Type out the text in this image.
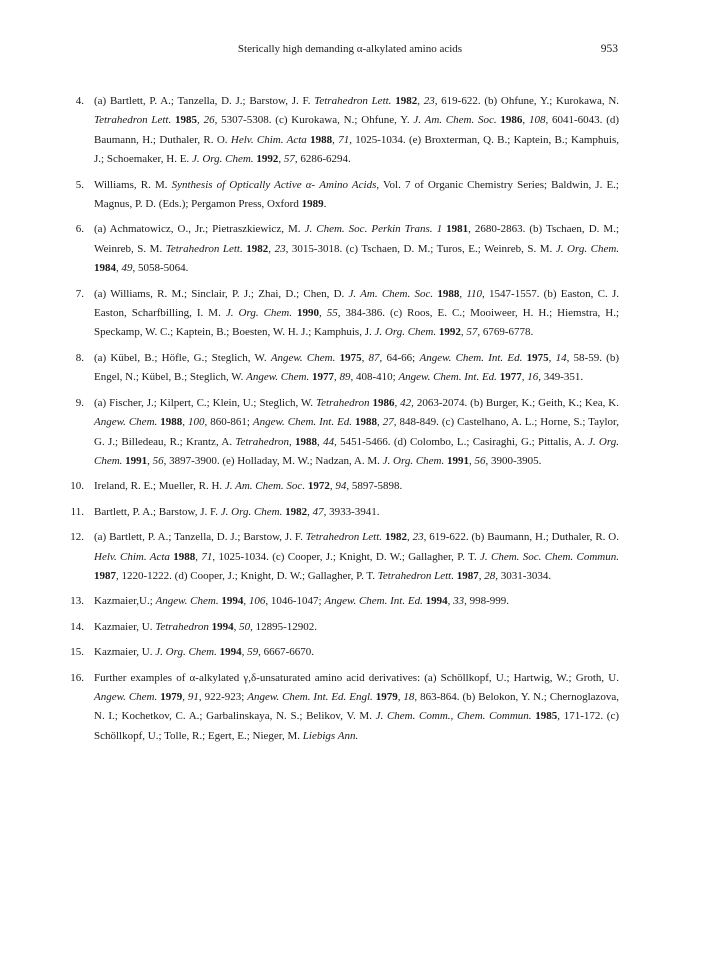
Sterically high demanding α-alkylated amino acids	953
4. (a) Bartlett, P. A.; Tanzella, D. J.; Barstow, J. F. Tetrahedron Lett. 1982, 23, 619-622. (b) Ohfune, Y.; Kurokawa, N. Tetrahedron Lett. 1985, 26, 5307-5308. (c) Kurokawa, N.; Ohfune, Y. J. Am. Chem. Soc. 1986, 108, 6041-6043. (d) Baumann, H.; Duthaler, R. O. Helv. Chim. Acta 1988, 71, 1025-1034. (e) Broxterman, Q. B.; Kaptein, B.; Kamphuis, J.; Schoemaker, H. E. J. Org. Chem. 1992, 57, 6286-6294.
5. Williams, R. M. Synthesis of Optically Active α- Amino Acids, Vol. 7 of Organic Chemistry Series; Baldwin, J. E.; Magnus, P. D. (Eds.); Pergamon Press, Oxford 1989.
6. (a) Achmatowicz, O., Jr.; Pietraszkiewicz, M. J. Chem. Soc. Perkin Trans. 1 1981, 2680-2863. (b) Tschaen, D. M.; Weinreb, S. M. Tetrahedron Lett. 1982, 23, 3015-3018. (c) Tschaen, D. M.; Turos, E.; Weinreb, S. M. J. Org. Chem. 1984, 49, 5058-5064.
7. (a) Williams, R. M.; Sinclair, P. J.; Zhai, D.; Chen, D. J. Am. Chem. Soc. 1988, 110, 1547-1557. (b) Easton, C. J. Easton, Scharfbilling, I. M. J. Org. Chem. 1990, 55, 384-386. (c) Roos, E. C.; Mooiweer, H. H.; Hiemstra, H.; Speckamp, W. C.; Kaptein, B.; Boesten, W. H. J.; Kamphuis, J. J. Org. Chem. 1992, 57, 6769-6778.
8. (a) Kübel, B.; Höfle, G.; Steglich, W. Angew. Chem. 1975, 87, 64-66; Angew. Chem. Int. Ed. 1975, 14, 58-59. (b) Engel, N.; Kübel, B.; Steglich, W. Angew. Chem. 1977, 89, 408-410; Angew. Chem. Int. Ed. 1977, 16, 349-351.
9. (a) Fischer, J.; Kilpert, C.; Klein, U.; Steglich, W. Tetrahedron 1986, 42, 2063-2074. (b) Burger, K.; Geith, K.; Kea, K. Angew. Chem. 1988, 100, 860-861; Angew. Chem. Int. Ed. 1988, 27, 848-849. (c) Castelhano, A. L.; Horne, S.; Taylor, G. J.; Billedeau, R.; Krantz, A. Tetrahedron, 1988, 44, 5451-5466. (d) Colombo, L.; Casiraghi, G.; Pittalis, A. J. Org. Chem. 1991, 56, 3897-3900. (e) Holladay, M. W.; Nadzan, A. M. J. Org. Chem. 1991, 56, 3900-3905.
10. Ireland, R. E.; Mueller, R. H. J. Am. Chem. Soc. 1972, 94, 5897-5898.
11. Bartlett, P. A.; Barstow, J. F. J. Org. Chem. 1982, 47, 3933-3941.
12. (a) Bartlett, P. A.; Tanzella, D. J.; Barstow, J. F. Tetrahedron Lett. 1982, 23, 619-622. (b) Baumann, H.; Duthaler, R. O. Helv. Chim. Acta 1988, 71, 1025-1034. (c) Cooper, J.; Knight, D. W.; Gallagher, P. T. J. Chem. Soc. Chem. Commun. 1987, 1220-1222. (d) Cooper, J.; Knight, D. W.; Gallagher, P. T. Tetrahedron Lett. 1987, 28, 3031-3034.
13. Kazmaier,U.; Angew. Chem. 1994, 106, 1046-1047; Angew. Chem. Int. Ed. 1994, 33, 998-999.
14. Kazmaier, U. Tetrahedron 1994, 50, 12895-12902.
15. Kazmaier, U. J. Org. Chem. 1994, 59, 6667-6670.
16. Further examples of α-alkylated γ,δ-unsaturated amino acid derivatives: (a) Schöllkopf, U.; Hartwig, W.; Groth, U. Angew. Chem. 1979, 91, 922-923; Angew. Chem. Int. Ed. Engl. 1979, 18, 863-864. (b) Belokon, Y. N.; Chernoglazova, N. I.; Kochetkov, C. A.; Garbalinskaya, N. S.; Belikov, V. M. J. Chem. Comm., Chem. Commun. 1985, 171-172. (c) Schöllkopf, U.; Tolle, R.; Egert, E.; Nieger, M. Liebigs Ann.
